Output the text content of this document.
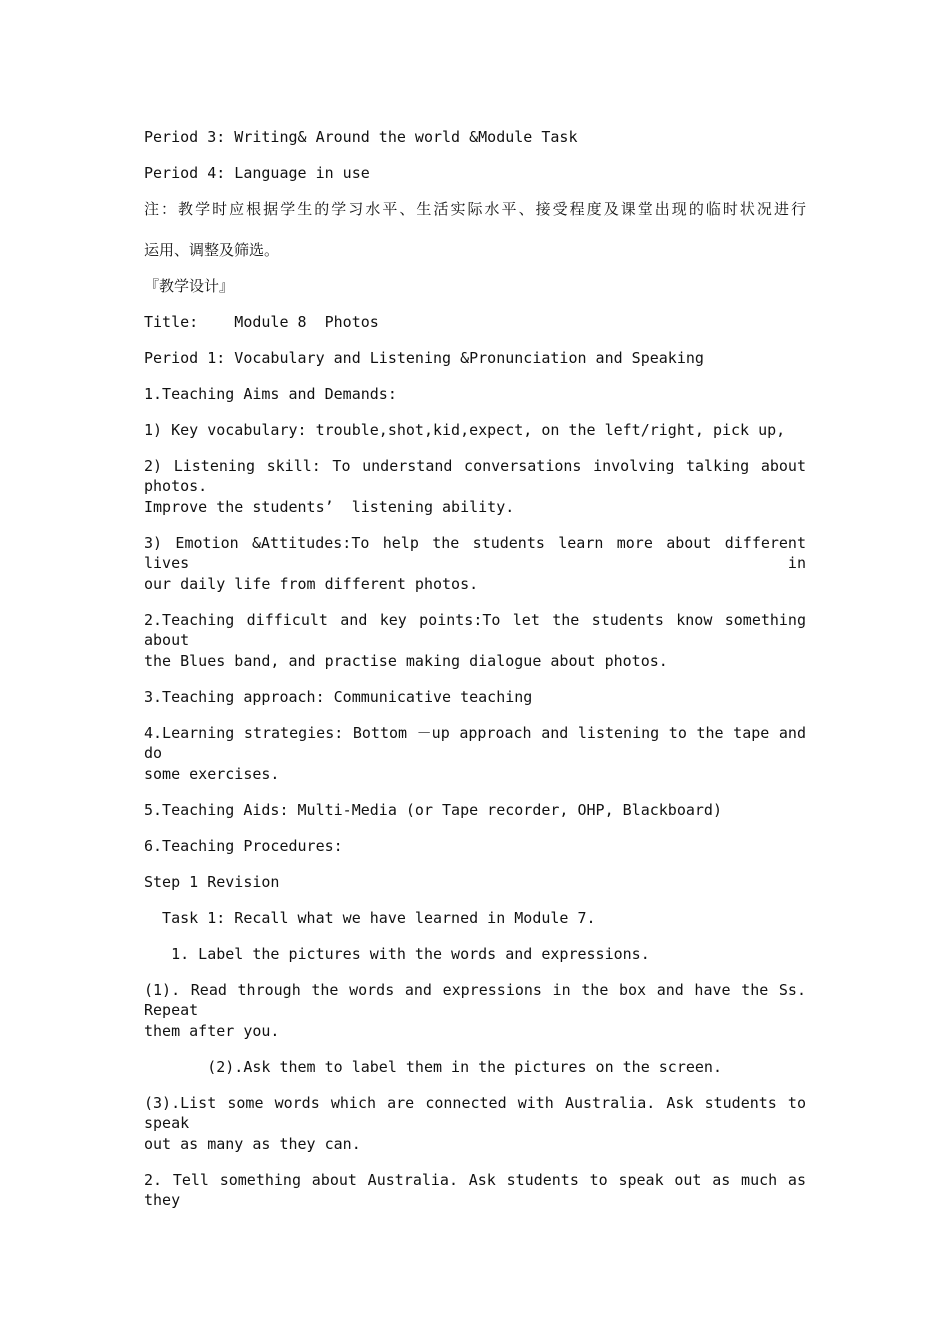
Period 3: Writing& Around the world &Module Task
Period 4: Language in use
注：教学时应根据学生的学习水平、生活实际水平、接受程度及课堂出现的临时状况进行
运用、调整及筛选。
『教学设计』
Title:    Module 8  Photos
Period 1: Vocabulary and Listening &Pronunciation and Speaking
1.Teaching Aims and Demands:
1) Key vocabulary: trouble,shot,kid,expect, on the left/right, pick up,
2) Listening skill: To understand conversations involving talking about photos.
Improve the students’  listening ability.
3) Emotion &Attitudes:To help the students learn more about different lives in
our daily life from different photos.
2.Teaching difficult and key points:To let the students know something about
the Blues band, and practise making dialogue about photos.
3.Teaching approach: Communicative teaching
4.Learning strategies: Bottom －up approach and listening to the tape and do
some exercises.
5.Teaching Aids: Multi-Media (or Tape recorder, OHP, Blackboard)
6.Teaching Procedures:
Step 1 Revision
Task 1: Recall what we have learned in Module 7.
1. Label the pictures with the words and expressions.
(1). Read through the words and expressions in the box and have the Ss. Repeat
them after you.
(2).Ask them to label them in the pictures on the screen.
(3).List some words which are connected with Australia. Ask students to speak
out as many as they can.
2. Tell something about Australia. Ask students to speak out as much as they
